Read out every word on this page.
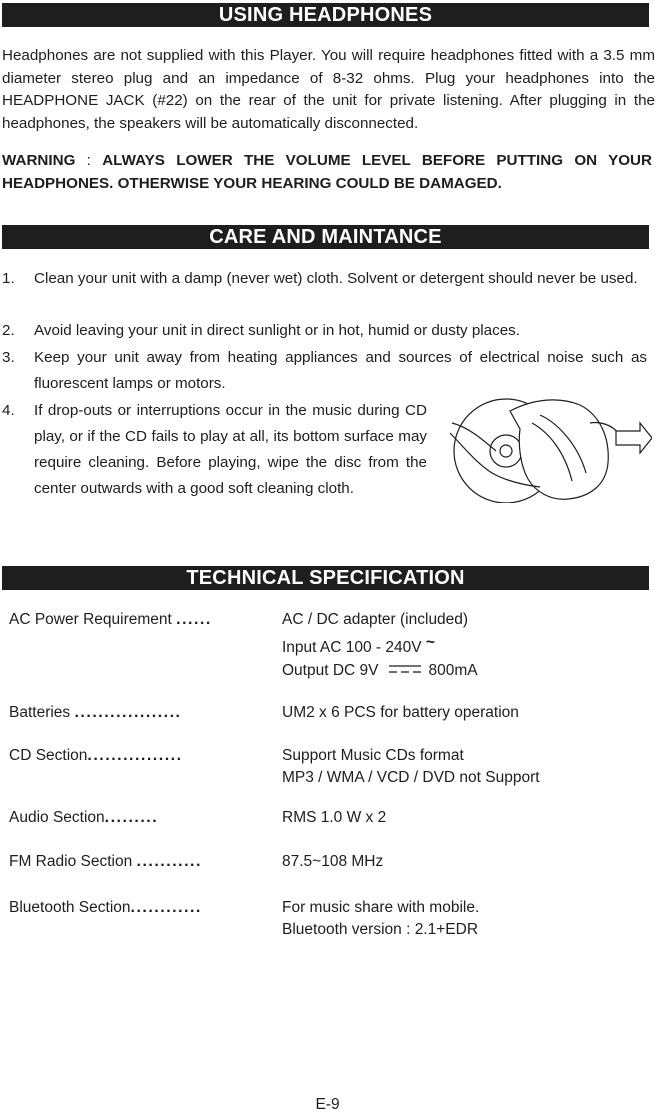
USING HEADPHONES

Headphones are not supplied with this Player. You will require headphones fitted with a 3.5 mm diameter stereo plug and an impedance of 8-32 ohms. Plug your headphones into the HEADPHONE JACK (#22) on the rear of the unit for private listening. After plugging in the headphones, the speakers will be automatically disconnected.

WARNING : ALWAYS LOWER THE VOLUME LEVEL BEFORE PUTTING ON YOUR HEADPHONES. OTHERWISE YOUR HEARING COULD BE DAMAGED.

CARE AND MAINTANCE
1. Clean your unit with a damp (never wet) cloth. Solvent or detergent should never be used.
2. Avoid leaving your unit in direct sunlight or in hot, humid or dusty places.
3. Keep your unit away from heating appliances and sources of electrical noise such as fluorescent lamps or motors.
4. If drop-outs or interruptions occur in the music during CD play, or if the CD fails to play at all, its bottom surface may require cleaning. Before playing, wipe the disc from the center outwards with a good soft cleaning cloth.
TECHNICAL SPECIFICATION
AC Power Requirement ......	AC / DC adapter (included)
Input AC 100 - 240V ~
Output DC 9V	800mA
Batteries ..................	UM2 x 6 PCS for battery operation
CD Section................	Support Music CDs format
MP3 / WMA / VCD / DVD not Support
Audio Section.........	RMS 1.0 W x 2
FM Radio Section ...........	87.5~108 MHz
Bluetooth Section............	For music share with mobile.
Bluetooth version : 2.1+EDR
E-9
